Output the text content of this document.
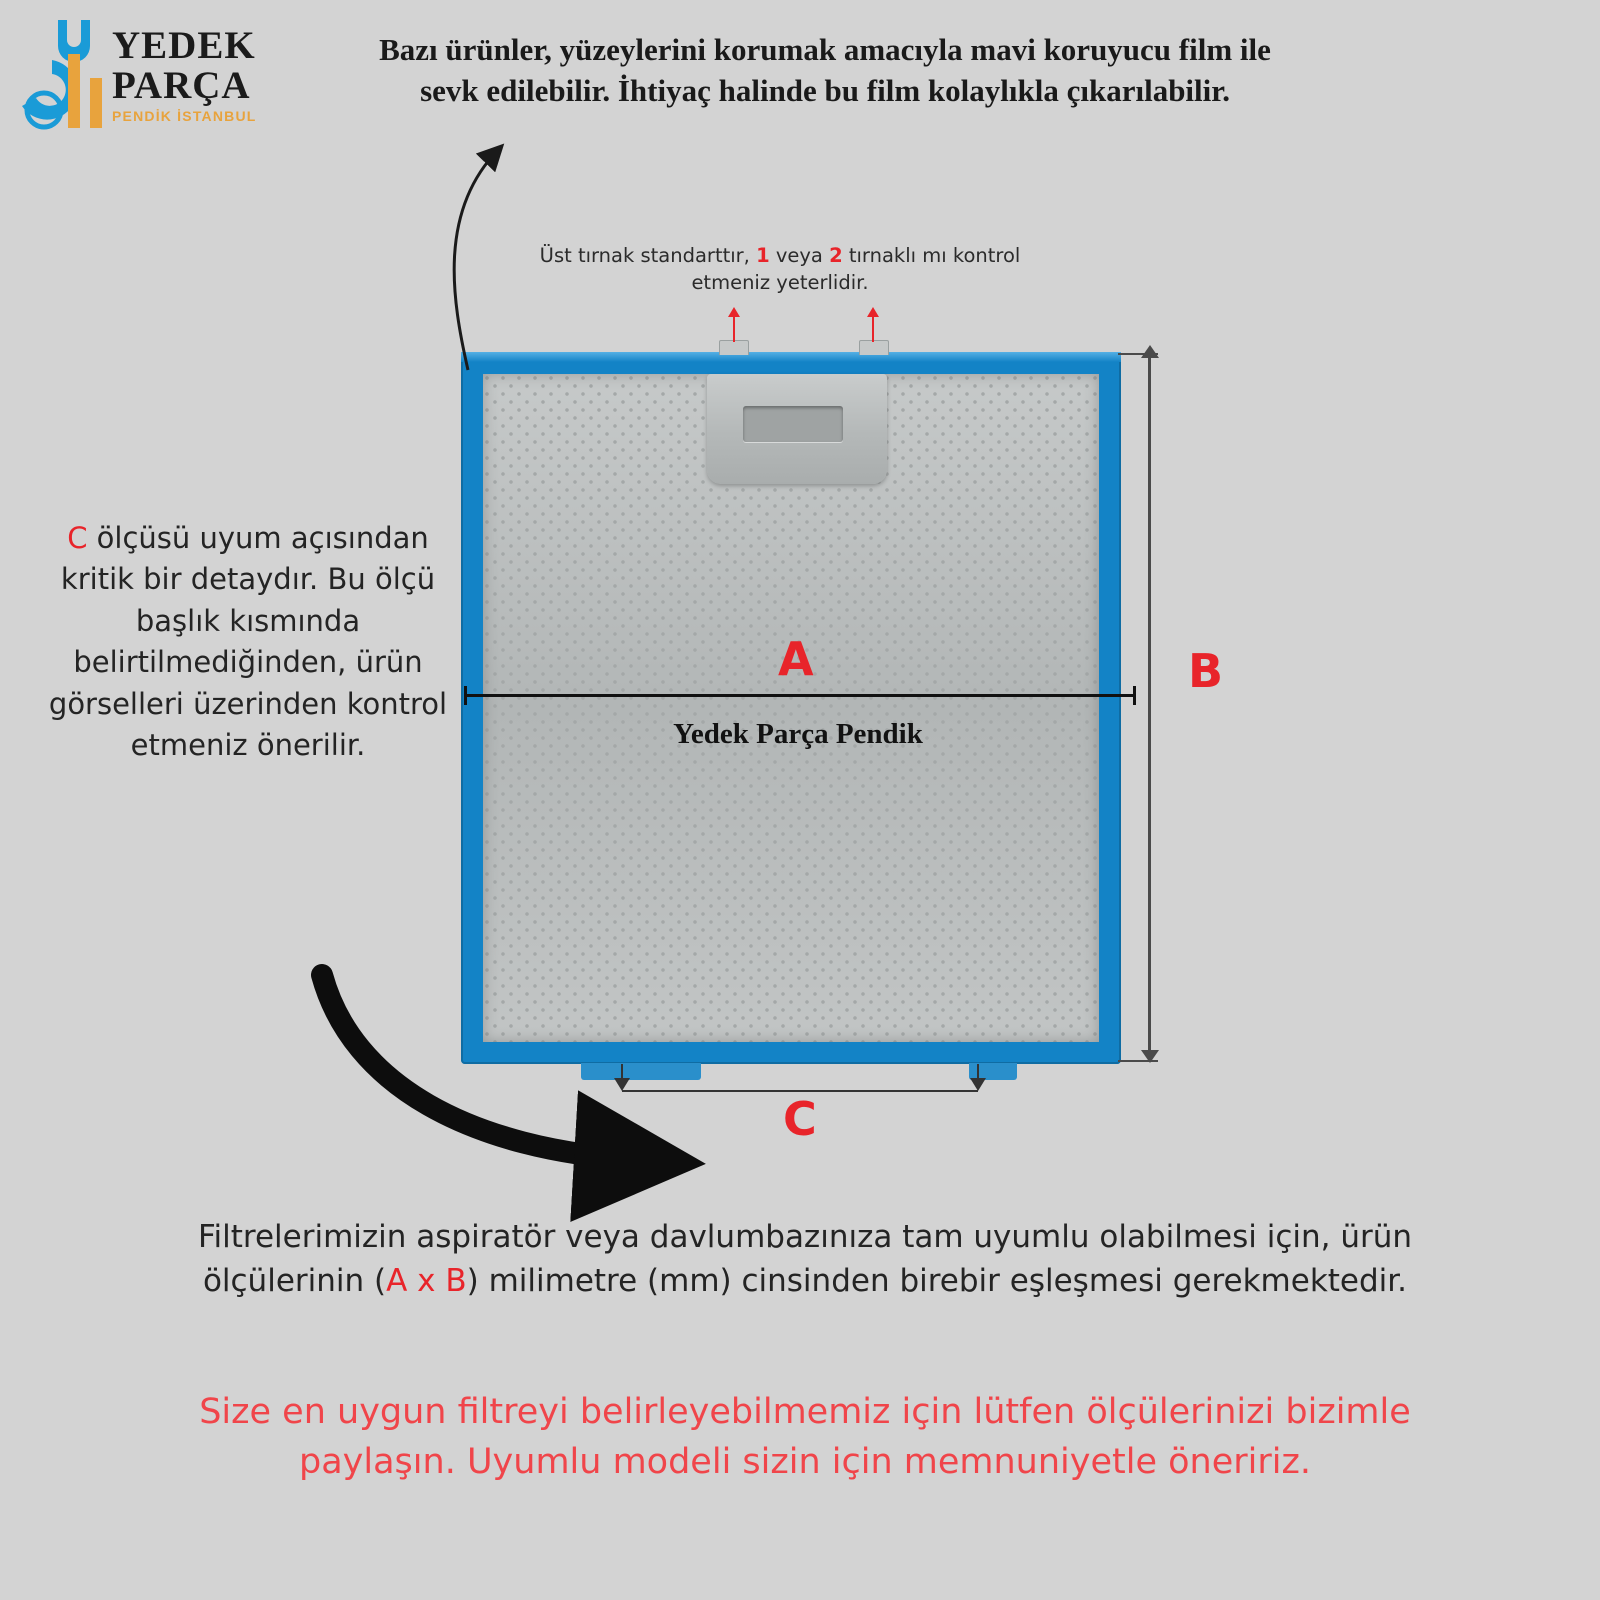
YEDEK
PARÇA
PENDİK İSTANBUL
Bazı ürünler, yüzeylerini korumak amacıyla mavi koruyucu film ile sevk edilebilir. İhtiyaç halinde bu film kolaylıkla çıkarılabilir.
Üst tırnak standarttır, 1 veya 2 tırnaklı mı kontrol etmeniz yeterlidir.
C ölçüsü uyum açısından kritik bir detaydır. Bu ölçü başlık kısmında belirtilmediğinden, ürün görselleri üzerinden kontrol etmeniz önerilir.
A	B
C
Yedek Parça Pendik
Filtrelerimizin aspiratör veya davlumbazınıza tam uyumlu olabilmesi için, ürün ölçülerinin (A x B) milimetre (mm) cinsinden birebir eşleşmesi gerekmektedir.
Size en uygun filtreyi belirleyebilmemiz için lütfen ölçülerinizi bizimle paylaşın. Uyumlu modeli sizin için memnuniyetle öneririz.
